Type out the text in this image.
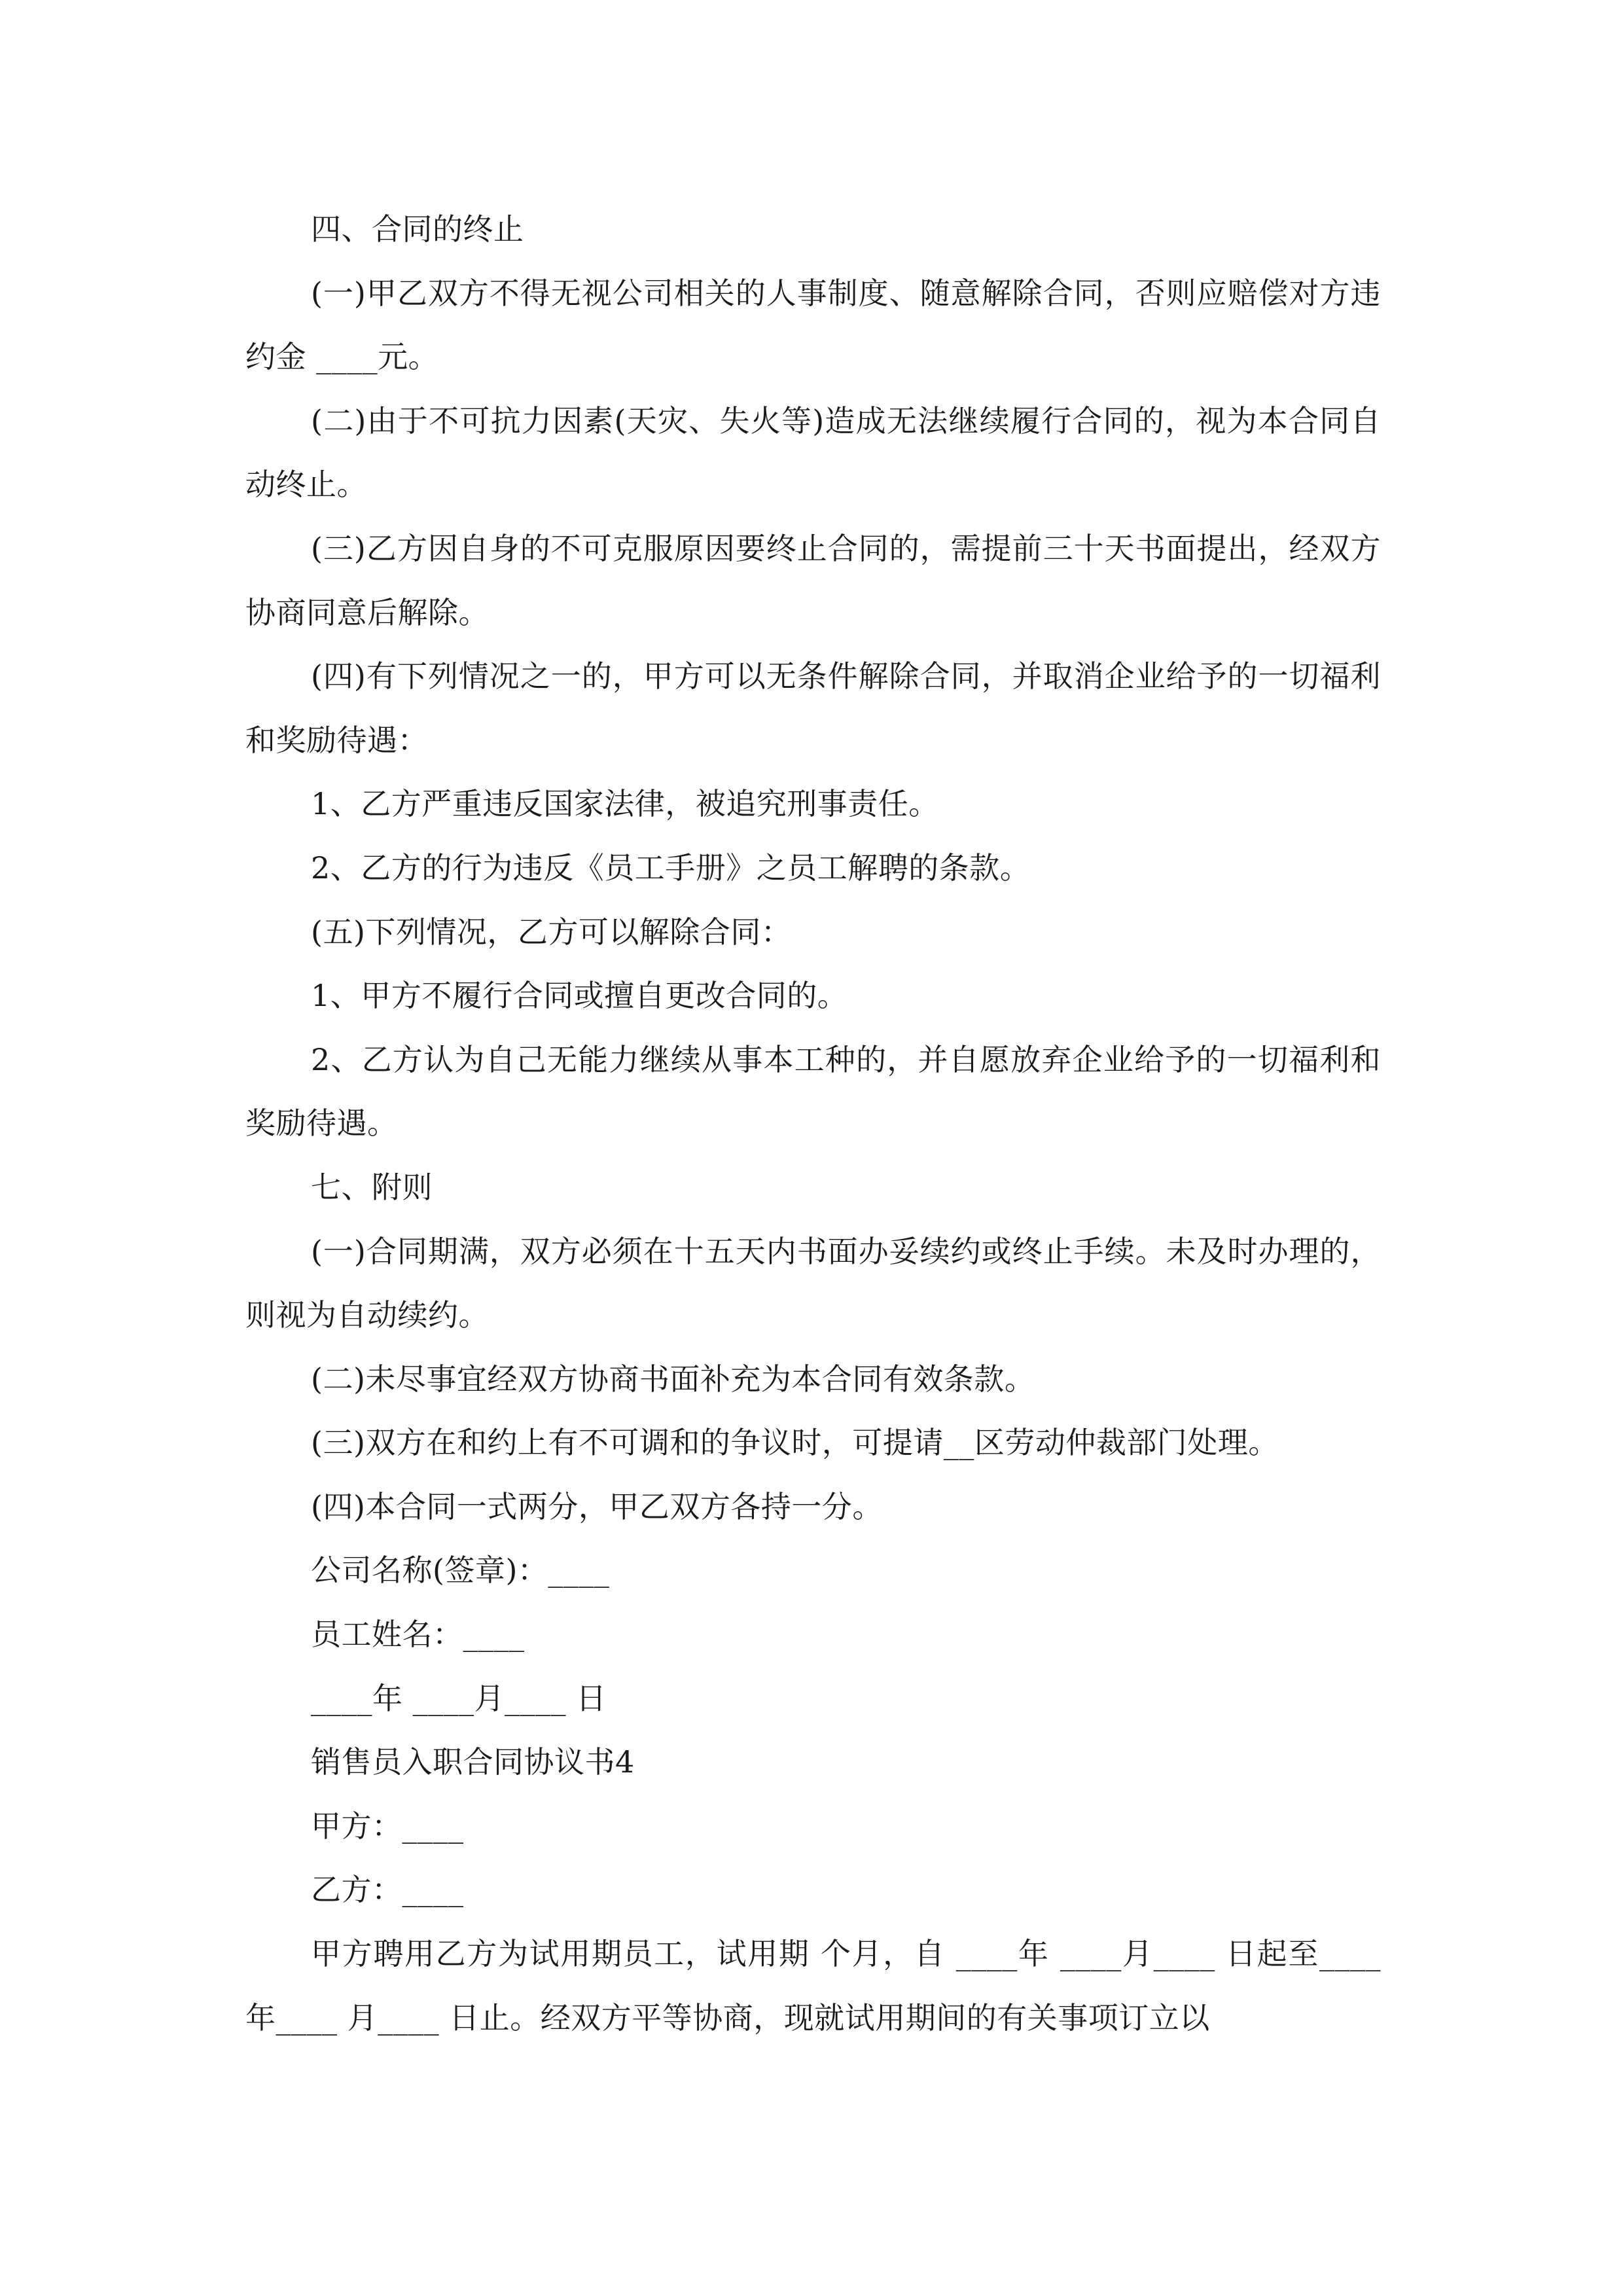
四、合同的终止

(一)甲乙双方不得无视公司相关的人事制度、随意解除合同，否则应赔偿对方违约金 ____元。

(二)由于不可抗力因素(天灾、失火等)造成无法继续履行合同的，视为本合同自动终止。

(三)乙方因自身的不可克服原因要终止合同的，需提前三十天书面提出，经双方协商同意后解除。

(四)有下列情况之一的，甲方可以无条件解除合同，并取消企业给予的一切福利和奖励待遇：

1、乙方严重违反国家法律，被追究刑事责任。

2、乙方的行为违反《员工手册》之员工解聘的条款。

(五)下列情况，乙方可以解除合同：

1、甲方不履行合同或擅自更改合同的。

2、乙方认为自己无能力继续从事本工种的，并自愿放弃企业给予的一切福利和奖励待遇。

七、附则

(一)合同期满，双方必须在十五天内书面办妥续约或终止手续。未及时办理的，则视为自动续约。

(二)未尽事宜经双方协商书面补充为本合同有效条款。

(三)双方在和约上有不可调和的争议时，可提请__区劳动仲裁部门处理。

(四)本合同一式两分，甲乙双方各持一分。

公司名称(签章)：____

员工姓名：____

____年 ____月____ 日

销售员入职合同协议书4

甲方：____

乙方：____

甲方聘用乙方为试用期员工，试用期 个月，自 ____年 ____月____ 日起至____ 年____ 月____ 日止。经双方平等协商，现就试用期间的有关事项订立以
